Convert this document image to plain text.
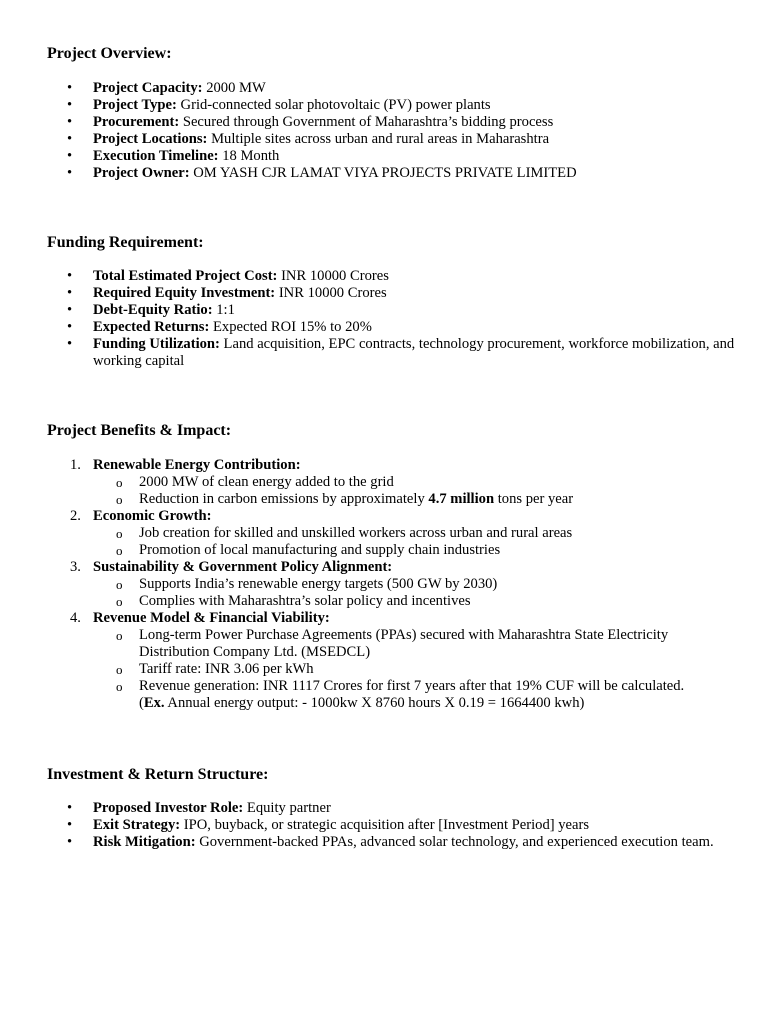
Project Overview:
• Project Capacity: 2000 MW
• Project Type: Grid-connected solar photovoltaic (PV) power plants
• Procurement: Secured through Government of Maharashtra’s bidding process
• Project Locations: Multiple sites across urban and rural areas in Maharashtra
• Execution Timeline: 18 Month
• Project Owner: OM YASH CJR LAMAT VIYA PROJECTS PRIVATE LIMITED
Funding Requirement:
• Total Estimated Project Cost: INR 10000 Crores
• Required Equity Investment: INR 10000 Crores
• Debt-Equity Ratio: 1:1
• Expected Returns: Expected ROI 15% to 20%
• Funding Utilization: Land acquisition, EPC contracts, technology procurement, workforce mobilization, and working capital
Project Benefits & Impact:
1. Renewable Energy Contribution:
o 2000 MW of clean energy added to the grid
o Reduction in carbon emissions by approximately 4.7 million tons per year
2. Economic Growth:
o Job creation for skilled and unskilled workers across urban and rural areas
o Promotion of local manufacturing and supply chain industries
3. Sustainability & Government Policy Alignment:
o Supports India’s renewable energy targets (500 GW by 2030)
o Complies with Maharashtra’s solar policy and incentives
4. Revenue Model & Financial Viability:
o Long-term Power Purchase Agreements (PPAs) secured with Maharashtra State Electricity Distribution Company Ltd. (MSEDCL)
o Tariff rate: INR 3.06 per kWh
o Revenue generation: INR 1117 Crores for first 7 years after that 19% CUF will be calculated.
(Ex. Annual energy output: - 1000kw X 8760 hours X 0.19 = 1664400 kwh)
Investment & Return Structure:
• Proposed Investor Role: Equity partner
• Exit Strategy: IPO, buyback, or strategic acquisition after [Investment Period] years
• Risk Mitigation: Government-backed PPAs, advanced solar technology, and experienced execution team.
